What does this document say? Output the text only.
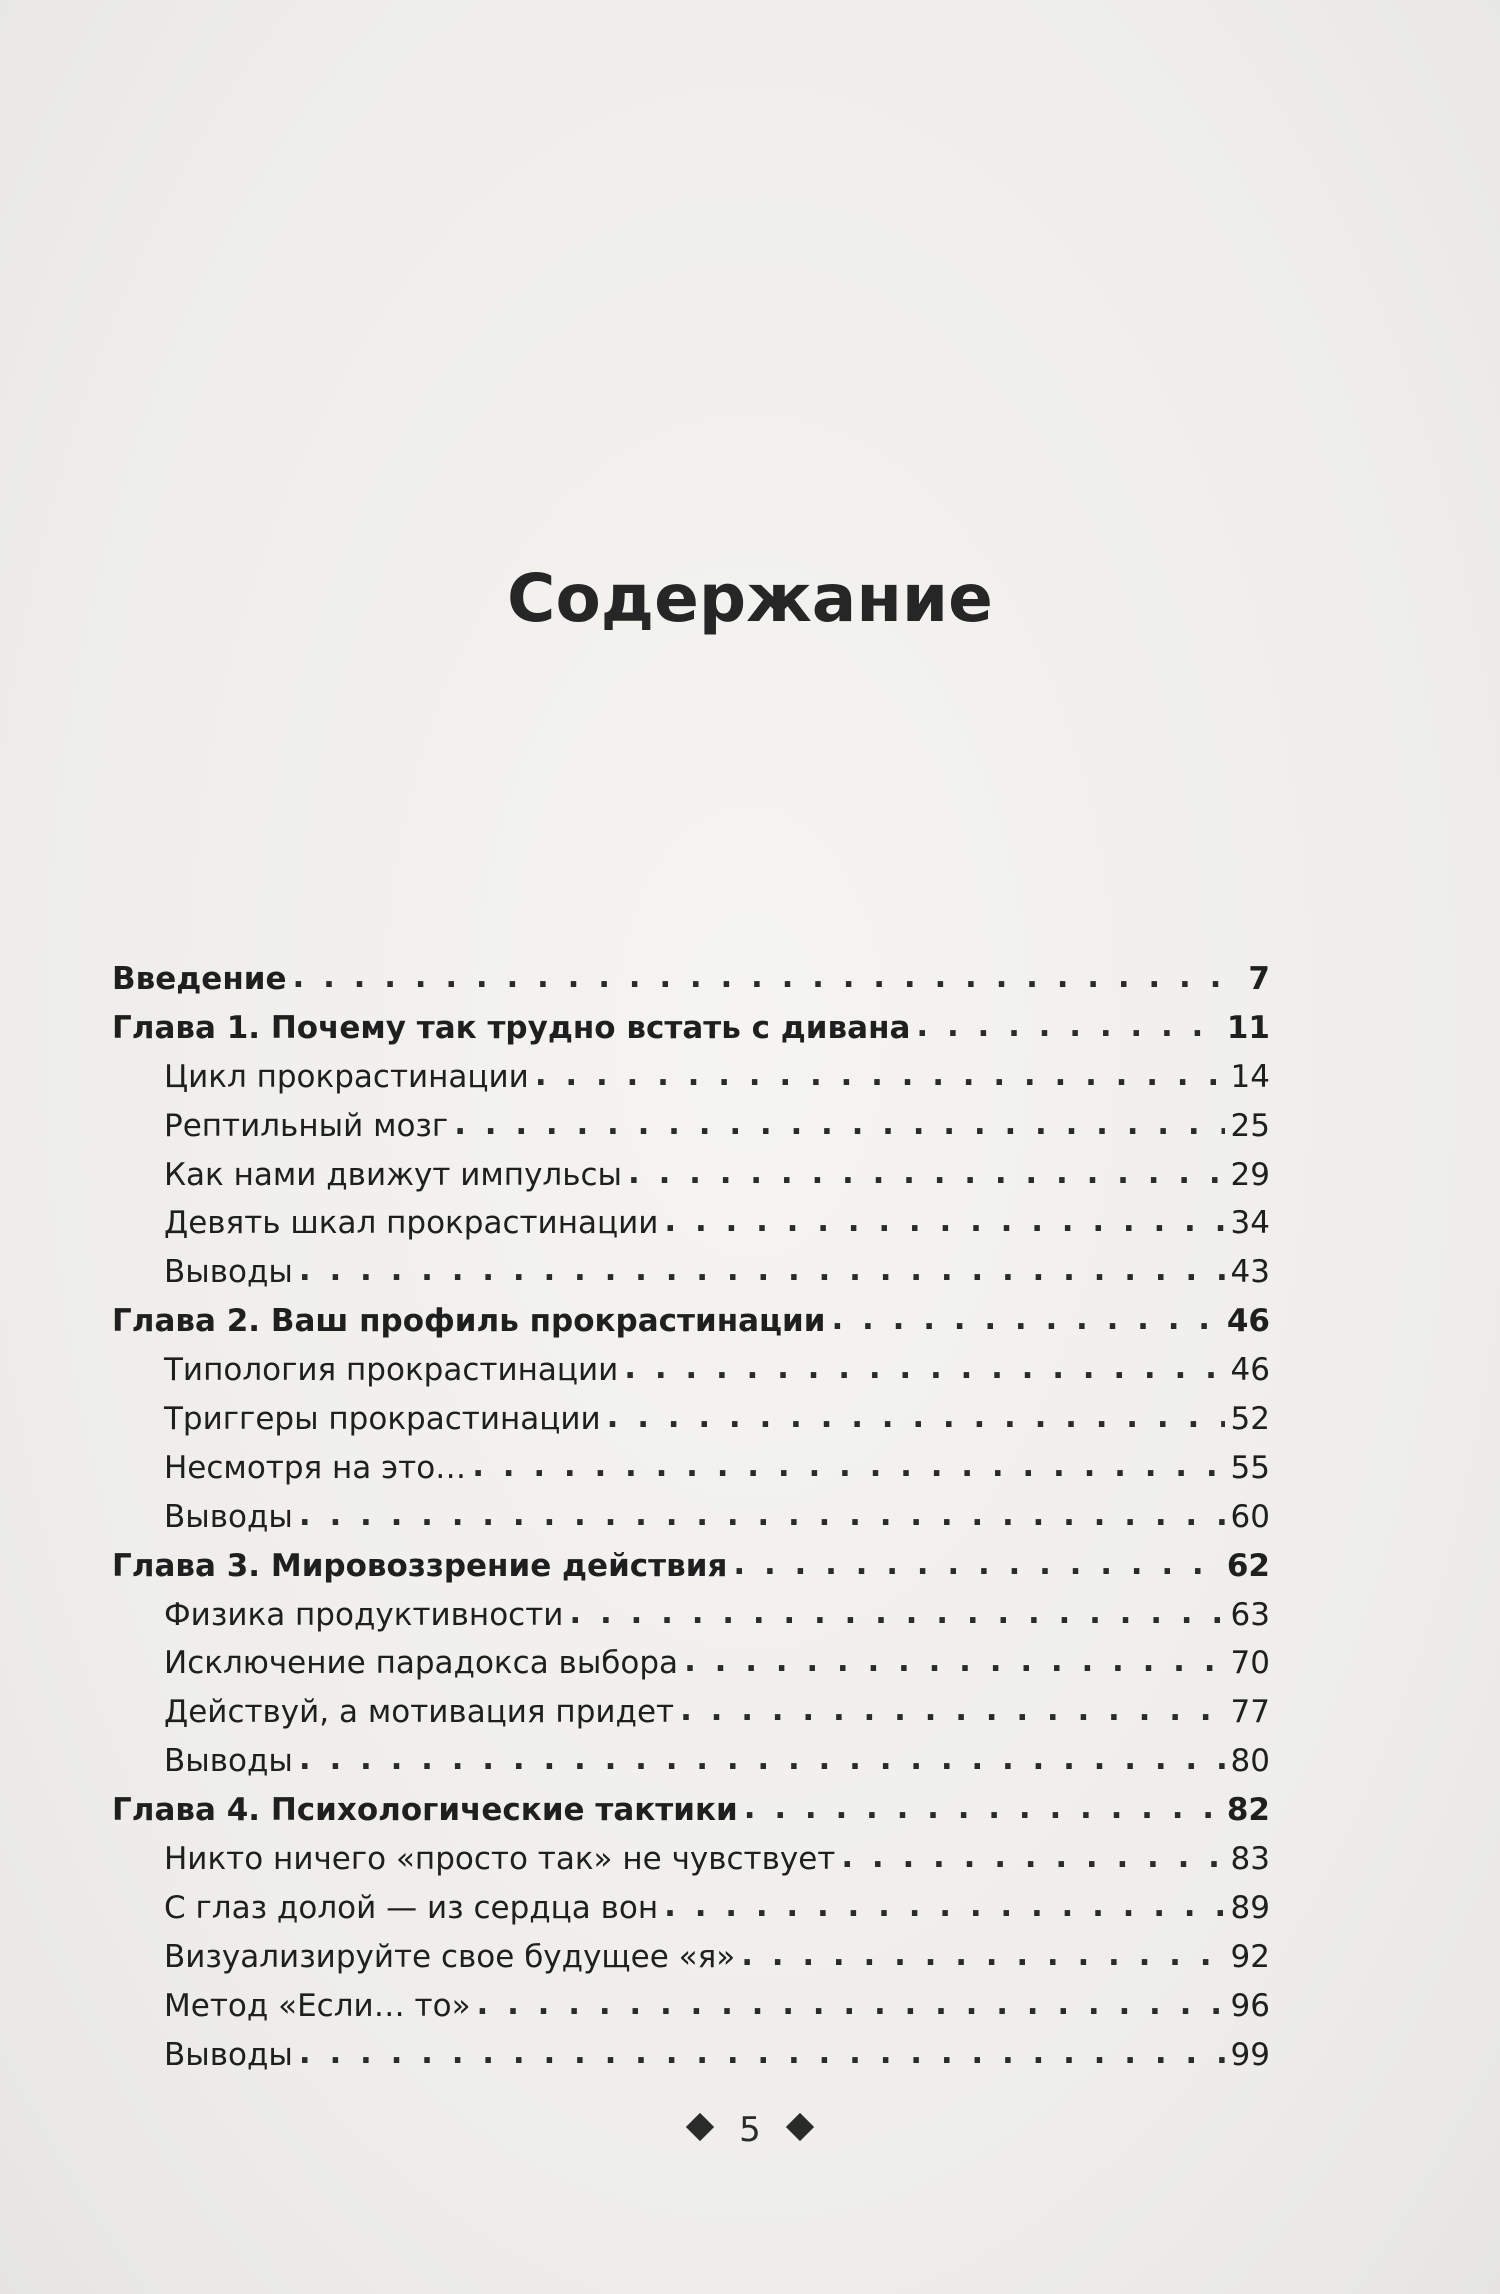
Содержание
Введение . . .	7
Глава 1. Почему так трудно встать с дивана . . .	11
Цикл прокрастинации . . .	14
Рептильный мозг . . .	25
Как нами движут импульсы . . .	29
Девять шкал прокрастинации . . .	34
Выводы . . .	43
Глава 2. Ваш профиль прокрастинации . . .	46
Типология прокрастинации . . .	46
Триггеры прокрастинации . . .	52
Несмотря на это… . . .	55
Выводы . . .	60
Глава 3. Мировоззрение действия . . .	62
Физика продуктивности . . .	63
Исключение парадокса выбора . . .	70
Действуй, а мотивация придет . . .	77
Выводы . . .	80
Глава 4. Психологические тактики . . .	82
Никто ничего «просто так» не чувствует . . .	83
С глаз долой — из сердца вон . . .	89
Визуализируйте свое будущее «я» . . .	92
Метод «Если… то» . . .	96
Выводы . . .	99
5
